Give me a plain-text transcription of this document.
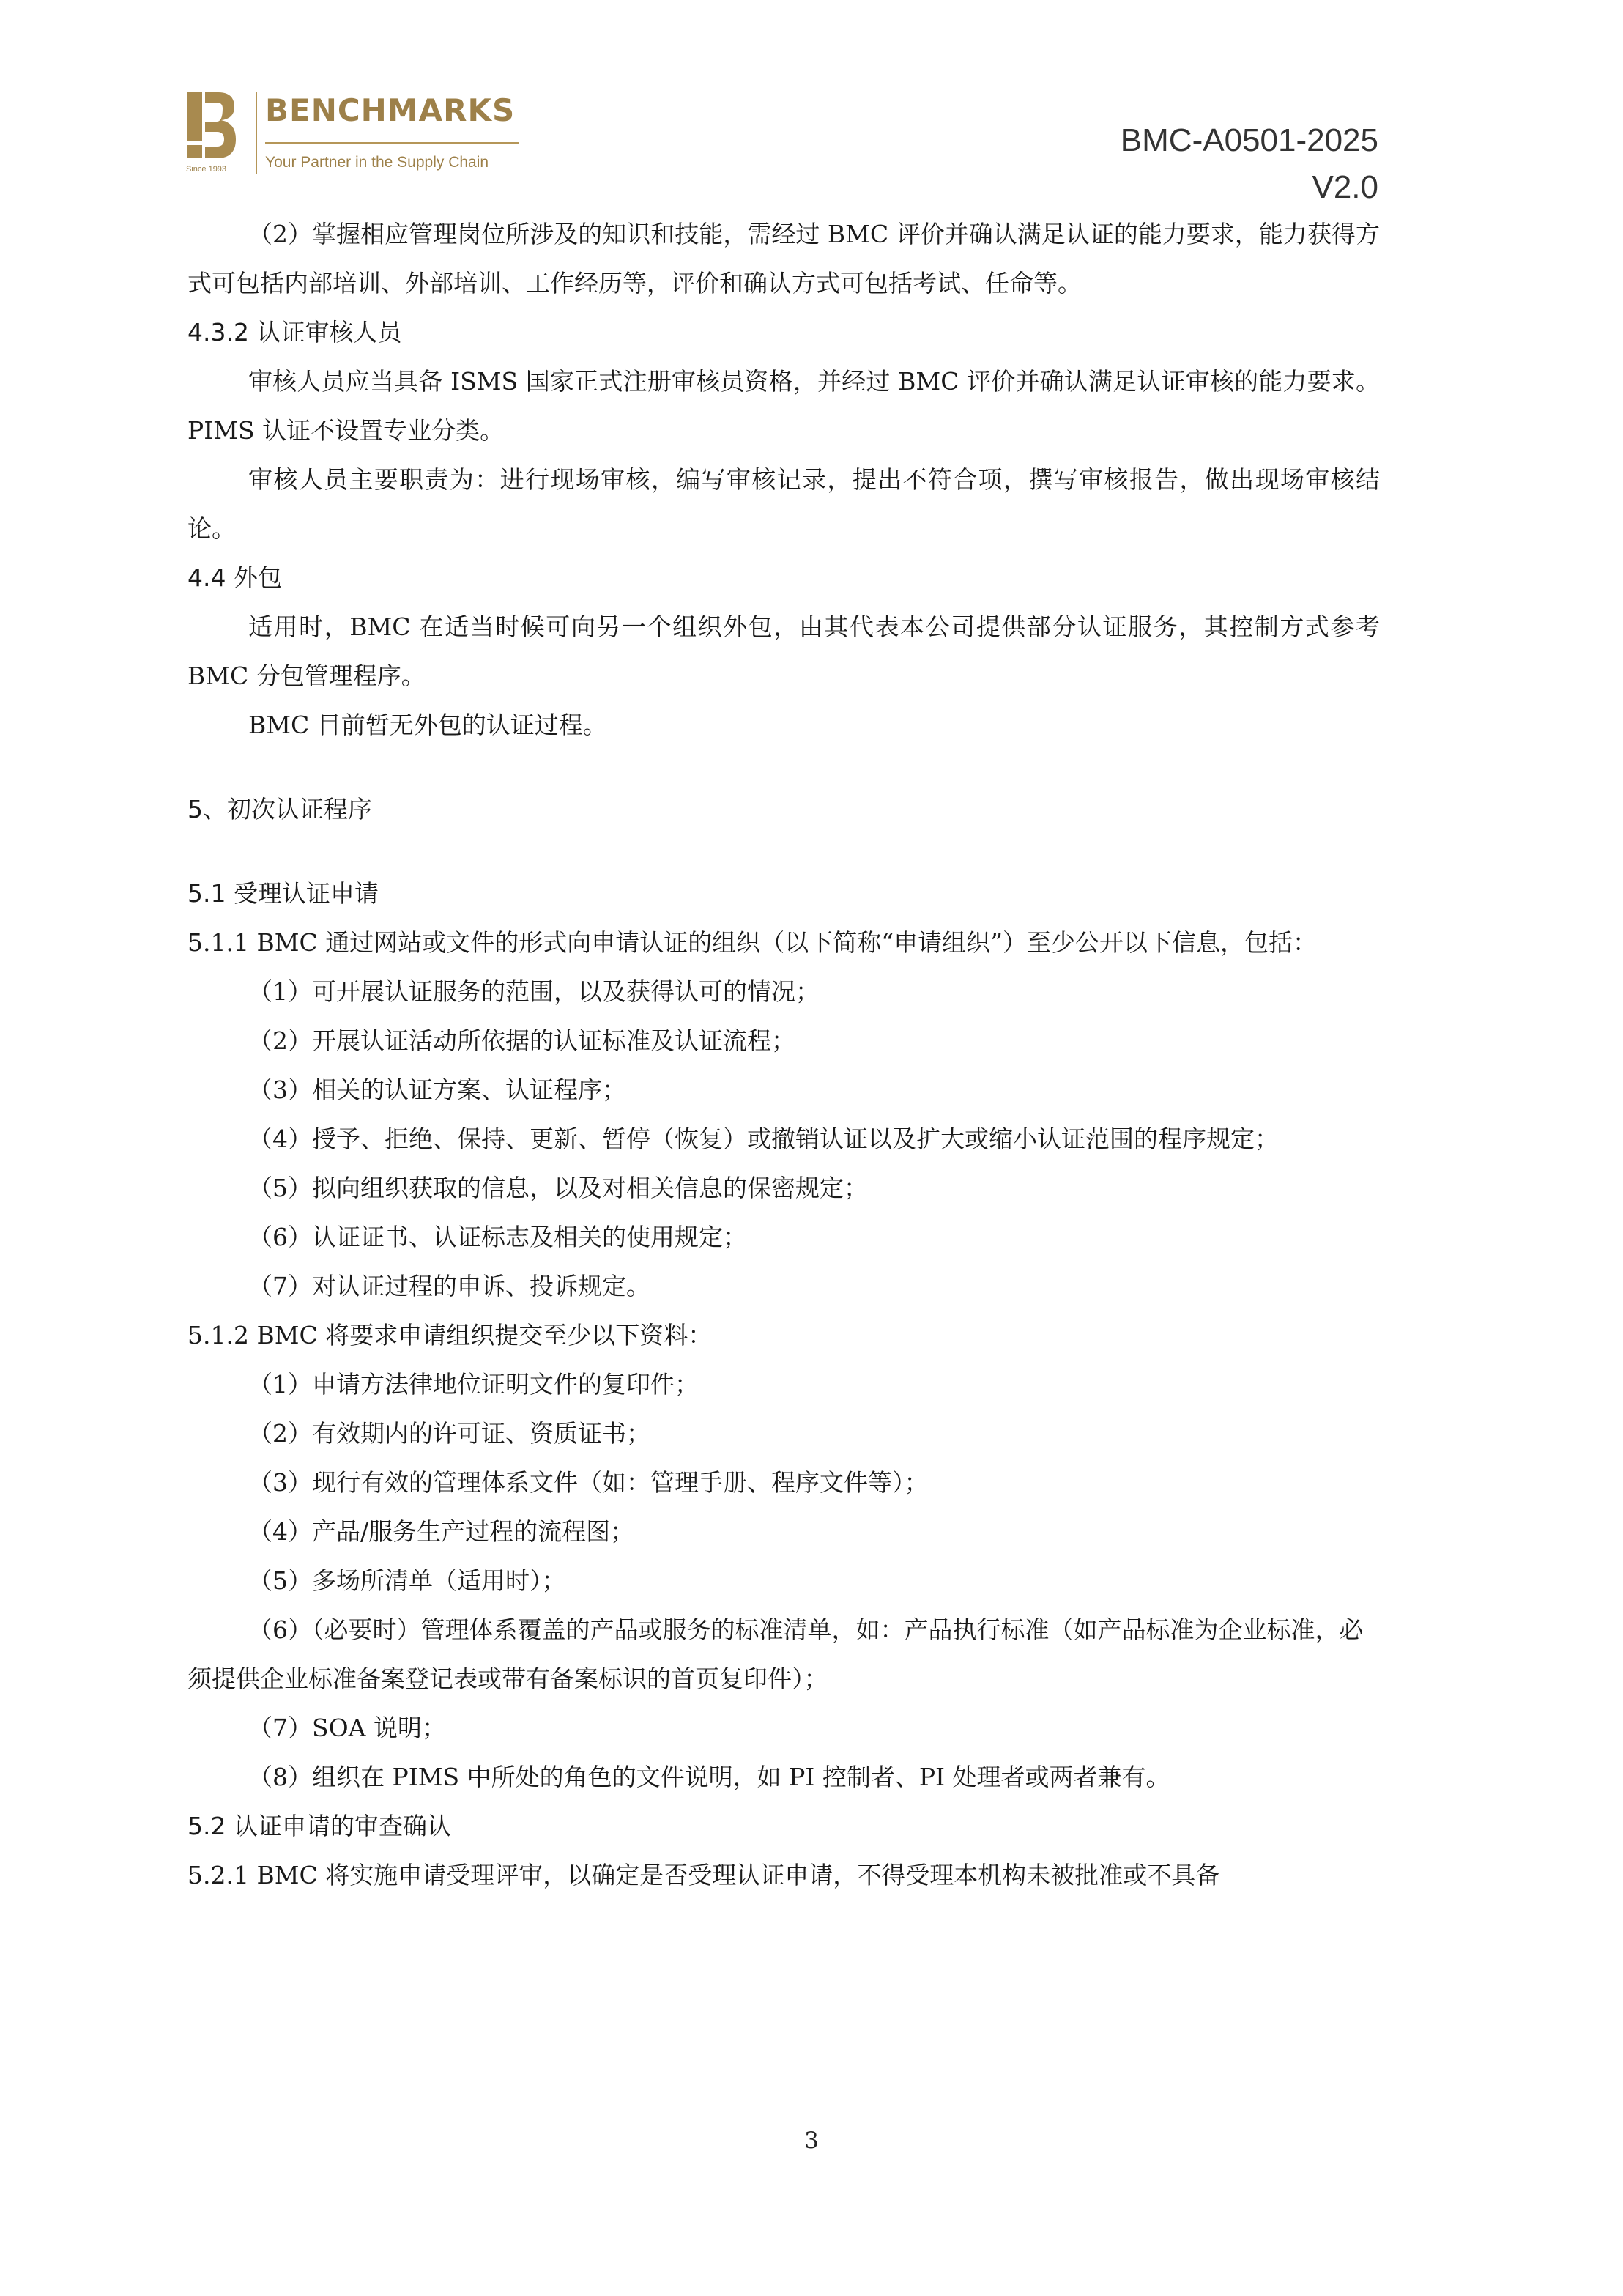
Since 1993
BENCHMARKS
Your Partner in the Supply Chain
BMC-A0501-2025
V2.0

（2）掌握相应管理岗位所涉及的知识和技能，需经过 BMC 评价并确认满足认证的能力要求，能力获得方式可包括内部培训、外部培训、工作经历等，评价和确认方式可包括考试、任命等。

4.3.2 认证审核人员

审核人员应当具备 ISMS 国家正式注册审核员资格，并经过 BMC 评价并确认满足认证审核的能力要求。PIMS 认证不设置专业分类。

审核人员主要职责为：进行现场审核，编写审核记录，提出不符合项，撰写审核报告，做出现场审核结论。

4.4 外包

适用时，BMC 在适当时候可向另一个组织外包，由其代表本公司提供部分认证服务，其控制方式参考 BMC 分包管理程序。

BMC 目前暂无外包的认证过程。

5、初次认证程序

5.1 受理认证申请

5.1.1 BMC 通过网站或文件的形式向申请认证的组织（以下简称“申请组织”）至少公开以下信息，包括：

（1）可开展认证服务的范围，以及获得认可的情况；

（2）开展认证活动所依据的认证标准及认证流程；

（3）相关的认证方案、认证程序；

（4）授予、拒绝、保持、更新、暂停（恢复）或撤销认证以及扩大或缩小认证范围的程序规定；

（5）拟向组织获取的信息，以及对相关信息的保密规定；

（6）认证证书、认证标志及相关的使用规定；

（7）对认证过程的申诉、投诉规定。

5.1.2 BMC 将要求申请组织提交至少以下资料：

（1）申请方法律地位证明文件的复印件；

（2）有效期内的许可证、资质证书；

（3）现行有效的管理体系文件（如：管理手册、程序文件等）；

（4）产品/服务生产过程的流程图；

（5）多场所清单（适用时）；

（6）（必要时）管理体系覆盖的产品或服务的标准清单，如：产品执行标准（如产品标准为企业标准，必须提供企业标准备案登记表或带有备案标识的首页复印件）；

（7）SOA 说明；

（8）组织在 PIMS 中所处的角色的文件说明，如 PI 控制者、PI 处理者或两者兼有。

5.2 认证申请的审查确认

5.2.1 BMC 将实施申请受理评审，以确定是否受理认证申请，不得受理本机构未被批准或不具备

3
